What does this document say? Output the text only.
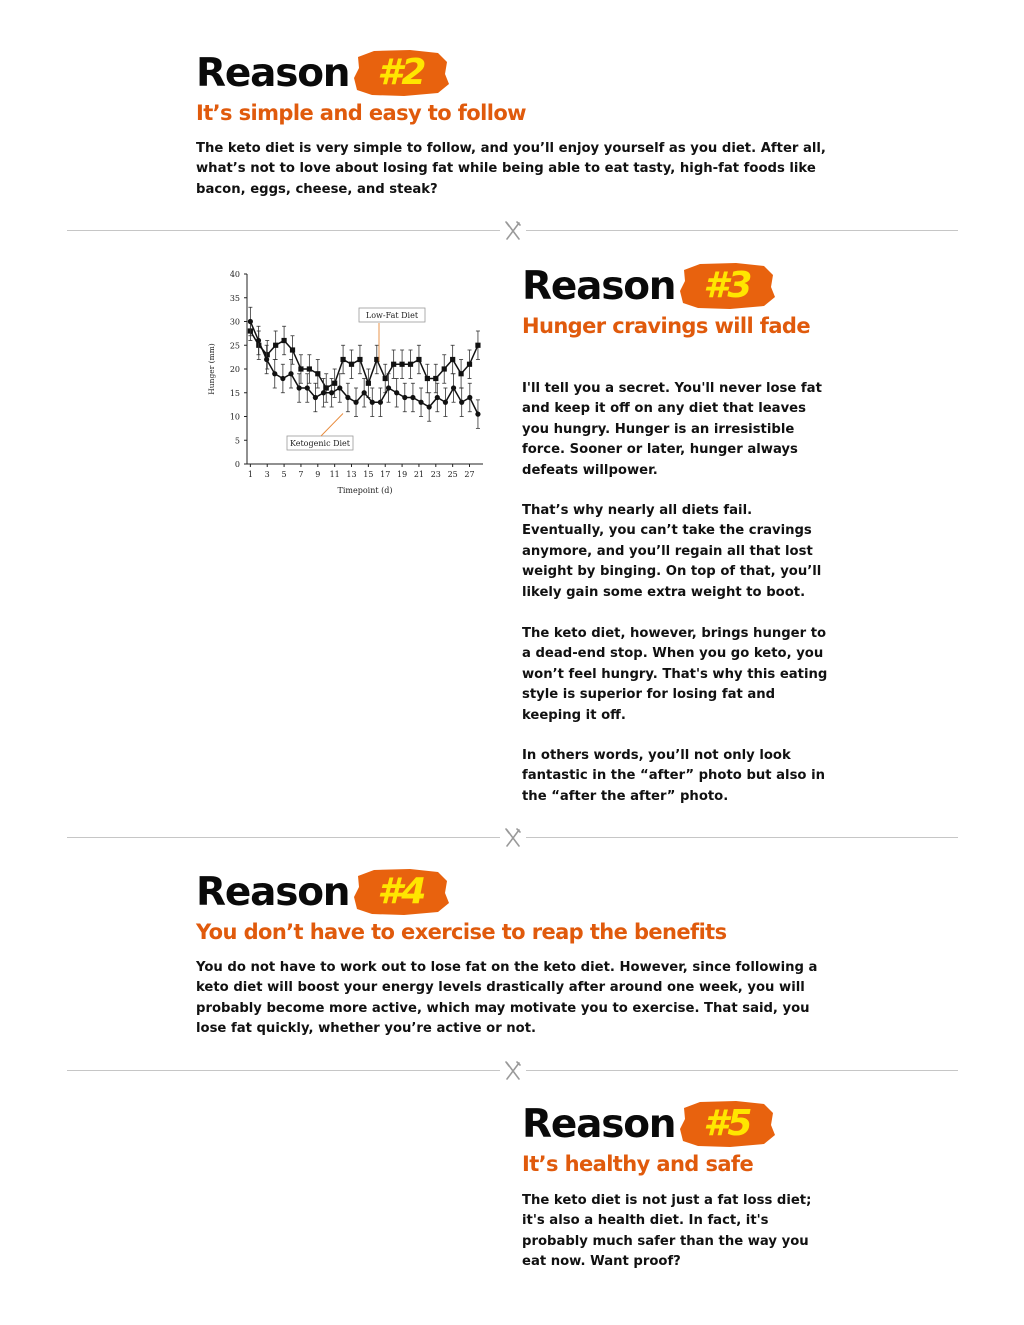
Reason #2
It’s simple and easy to follow
The keto diet is very simple to follow, and you’ll enjoy yourself as you diet. After all, what’s not to love about losing fat while being able to eat tasty, high-fat foods like bacon, eggs, cheese, and steak?
0
5
10
15
20
25
30
35
40
1 3 5 7 9 11 13 15 17 19 21 23 25 27
Timepoint (d)
Hunger (mm)
Low-Fat Diet
Ketogenic Diet
Reason #3
Hunger cravings will fade
I'll tell you a secret. You'll never lose fat and keep it off on any diet that leaves you hungry. Hunger is an irresistible force. Sooner or later, hunger always defeats willpower.
That’s why nearly all diets fail. Eventually, you can’t take the cravings anymore, and you’ll regain all that lost weight by binging. On top of that, you’ll likely gain some extra weight to boot.
The keto diet, however, brings hunger to a dead-end stop. When you go keto, you won’t feel hungry. That's why this eating style is superior for losing fat and keeping it off.
In others words, you’ll not only look fantastic in the “after” photo but also in the “after the after” photo.
Reason #4
You don’t have to exercise to reap the benefits
You do not have to work out to lose fat on the keto diet. However, since following a keto diet will boost your energy levels drastically after around one week, you will probably become more active, which may motivate you to exercise. That said, you lose fat quickly, whether you’re active or not.
Reason #5
It’s healthy and safe
The keto diet is not just a fat loss diet; it's also a health diet. In fact, it's probably much safer than the way you eat now. Want proof?
